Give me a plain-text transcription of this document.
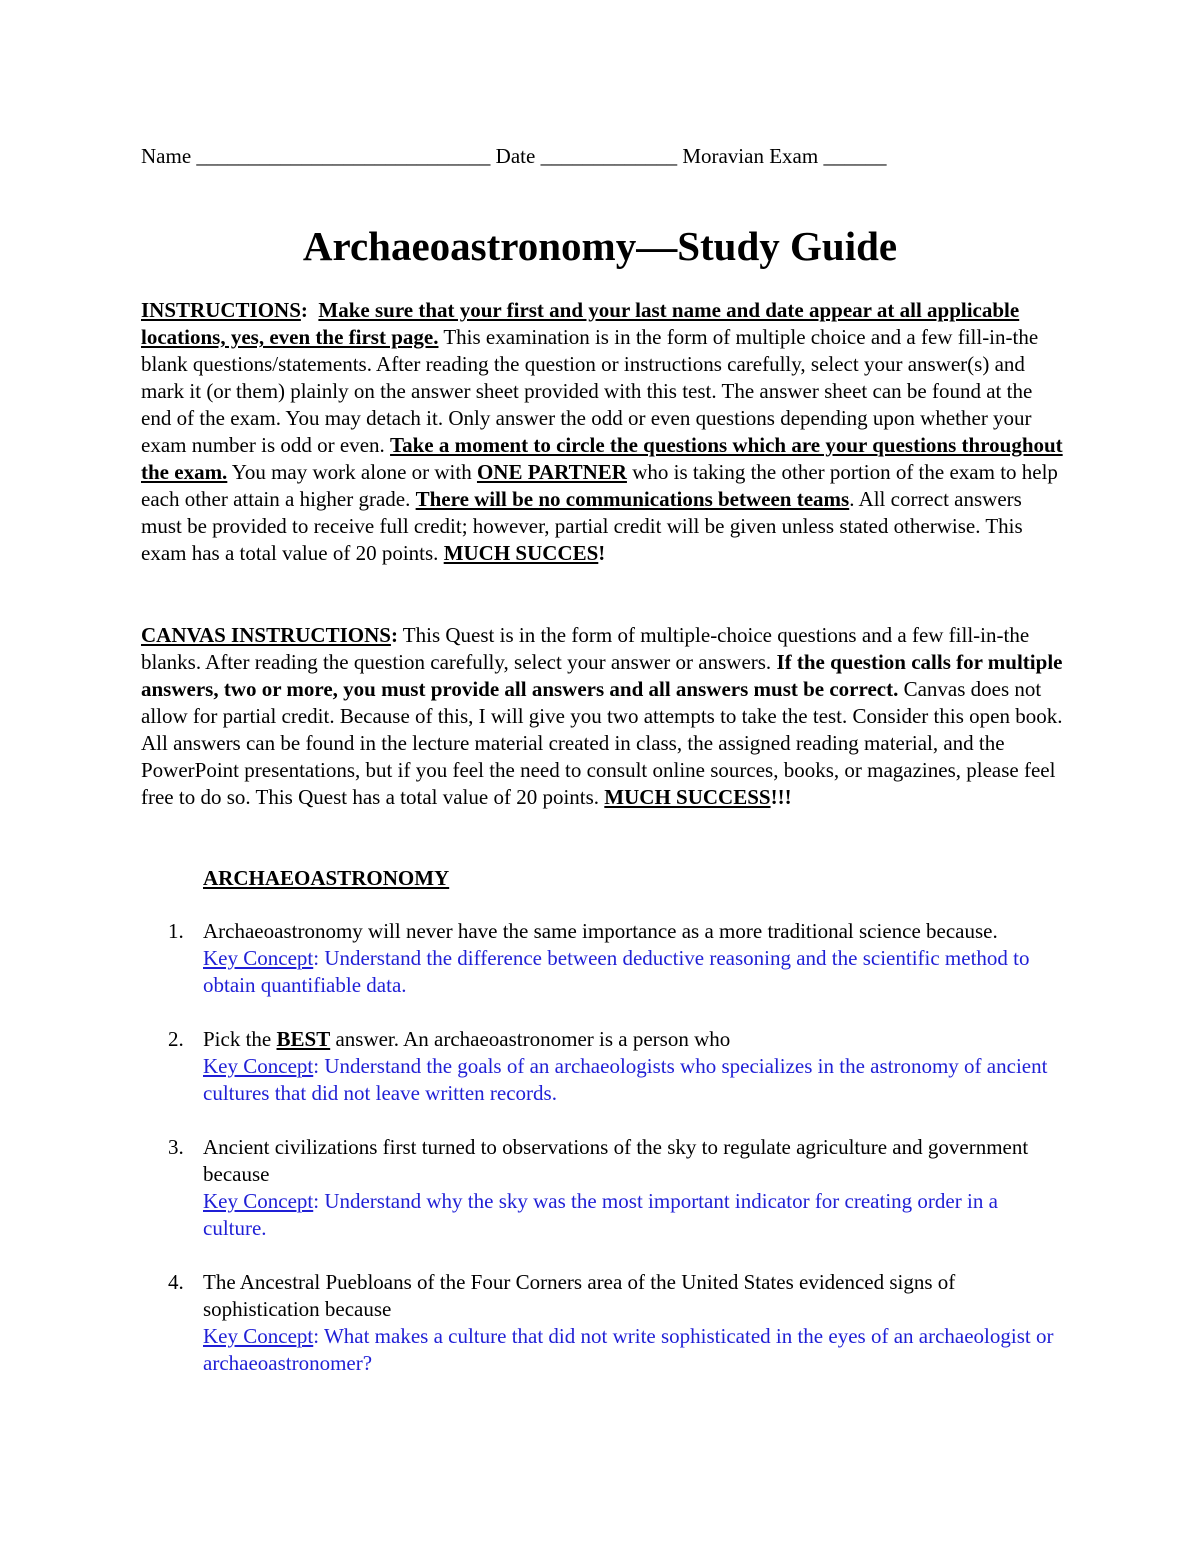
Name ____________________________ Date _____________ Moravian Exam ______
Archaeoastronomy—Study Guide
INSTRUCTIONS: Make sure that your first and your last name and date appear at all applicable locations, yes, even the first page. This examination is in the form of multiple choice and a few fill-in-the blank questions/statements. After reading the question or instructions carefully, select your answer(s) and mark it (or them) plainly on the answer sheet provided with this test. The answer sheet can be found at the end of the exam. You may detach it. Only answer the odd or even questions depending upon whether your exam number is odd or even. Take a moment to circle the questions which are your questions throughout the exam. You may work alone or with ONE PARTNER who is taking the other portion of the exam to help each other attain a higher grade. There will be no communications between teams. All correct answers must be provided to receive full credit; however, partial credit will be given unless stated otherwise. This exam has a total value of 20 points. MUCH SUCCES!
CANVAS INSTRUCTIONS: This Quest is in the form of multiple-choice questions and a few fill-in-the blanks. After reading the question carefully, select your answer or answers. If the question calls for multiple answers, two or more, you must provide all answers and all answers must be correct. Canvas does not allow for partial credit. Because of this, I will give you two attempts to take the test. Consider this open book. All answers can be found in the lecture material created in class, the assigned reading material, and the PowerPoint presentations, but if you feel the need to consult online sources, books, or magazines, please feel free to do so. This Quest has a total value of 20 points. MUCH SUCCESS!!!
ARCHAEOASTRONOMY
1. Archaeoastronomy will never have the same importance as a more traditional science because.
Key Concept: Understand the difference between deductive reasoning and the scientific method to obtain quantifiable data.
2. Pick the BEST answer. An archaeoastronomer is a person who
Key Concept: Understand the goals of an archaeologists who specializes in the astronomy of ancient cultures that did not leave written records.
3. Ancient civilizations first turned to observations of the sky to regulate agriculture and government because
Key Concept: Understand why the sky was the most important indicator for creating order in a culture.
4. The Ancestral Puebloans of the Four Corners area of the United States evidenced signs of sophistication because
Key Concept: What makes a culture that did not write sophisticated in the eyes of an archaeologist or archaeoastronomer?
